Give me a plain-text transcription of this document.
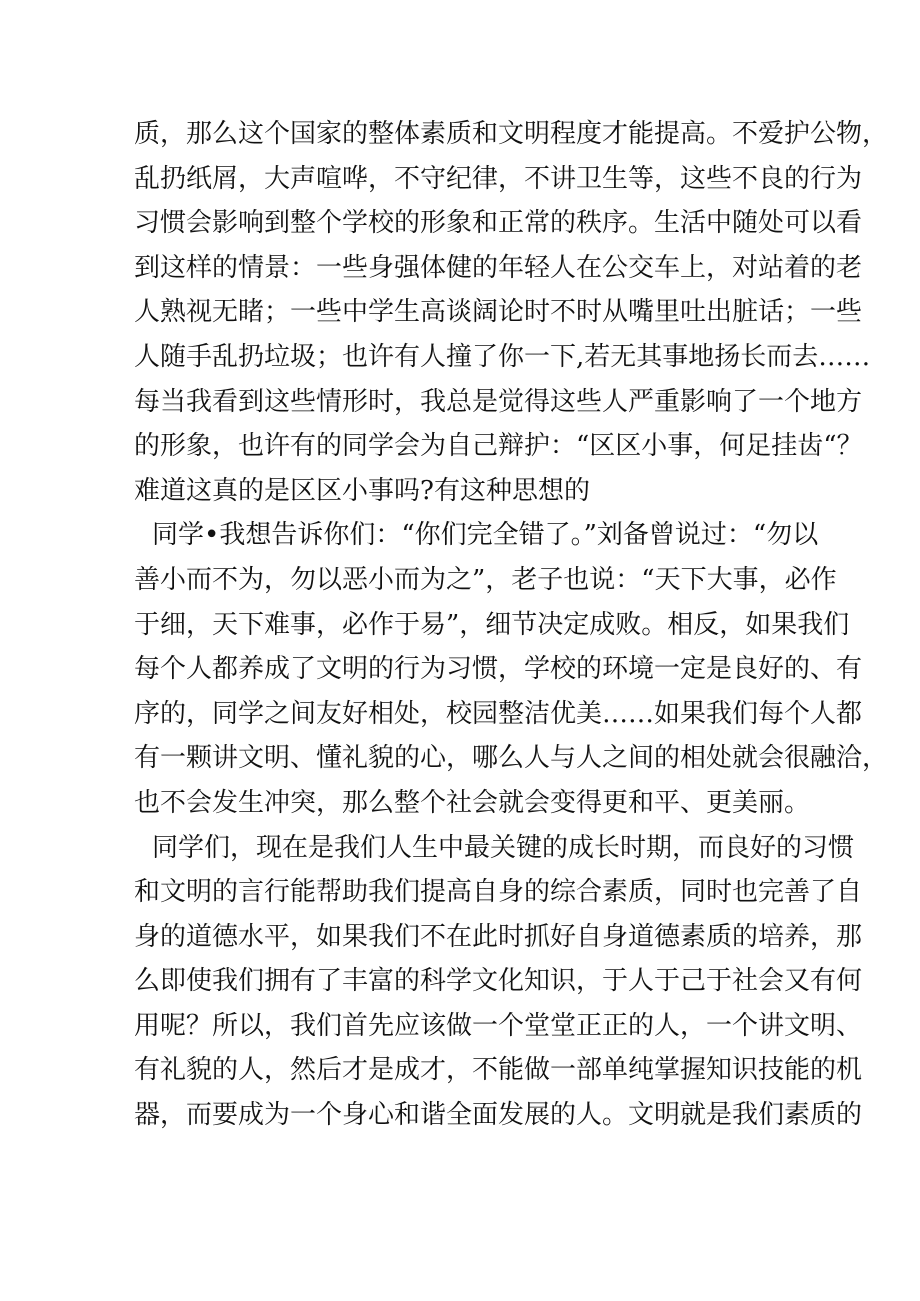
质，那么这个国家的整体素质和文明程度才能提高。不爱护公物，
乱扔纸屑，大声喧哗，不守纪律，不讲卫生等，这些不良的行为
习惯会影响到整个学校的形象和正常的秩序。生活中随处可以看
到这样的情景：一些身强体健的年轻人在公交车上，对站着的老
人熟视无睹；一些中学生高谈阔论时不时从嘴里吐出脏话；一些
人随手乱扔垃圾；也许有人撞了你一下,若无其事地扬长而去……
每当我看到这些情形时，我总是觉得这些人严重影响了一个地方
的形象，也许有的同学会为自己辩护：“区区小事，何足挂齿“？
难道这真的是区区小事吗?有这种思想的
同学•我想告诉你们：“你们完全错了。”刘备曾说过：“勿以
善小而不为，勿以恶小而为之”，老子也说：“天下大事，必作
于细，天下难事，必作于易”，细节决定成败。相反，如果我们
每个人都养成了文明的行为习惯，学校的环境一定是良好的、有
序的，同学之间友好相处，校园整洁优美……如果我们每个人都
有一颗讲文明、懂礼貌的心，哪么人与人之间的相处就会很融洽，
也不会发生冲突，那么整个社会就会变得更和平、更美丽。
同学们，现在是我们人生中最关键的成长时期，而良好的习惯
和文明的言行能帮助我们提高自身的综合素质，同时也完善了自
身的道德水平，如果我们不在此时抓好自身道德素质的培养，那
么即使我们拥有了丰富的科学文化知识，于人于己于社会又有何
用呢？所以，我们首先应该做一个堂堂正正的人，一个讲文明、
有礼貌的人，然后才是成才，不能做一部单纯掌握知识技能的机
器，而要成为一个身心和谐全面发展的人。文明就是我们素质的
